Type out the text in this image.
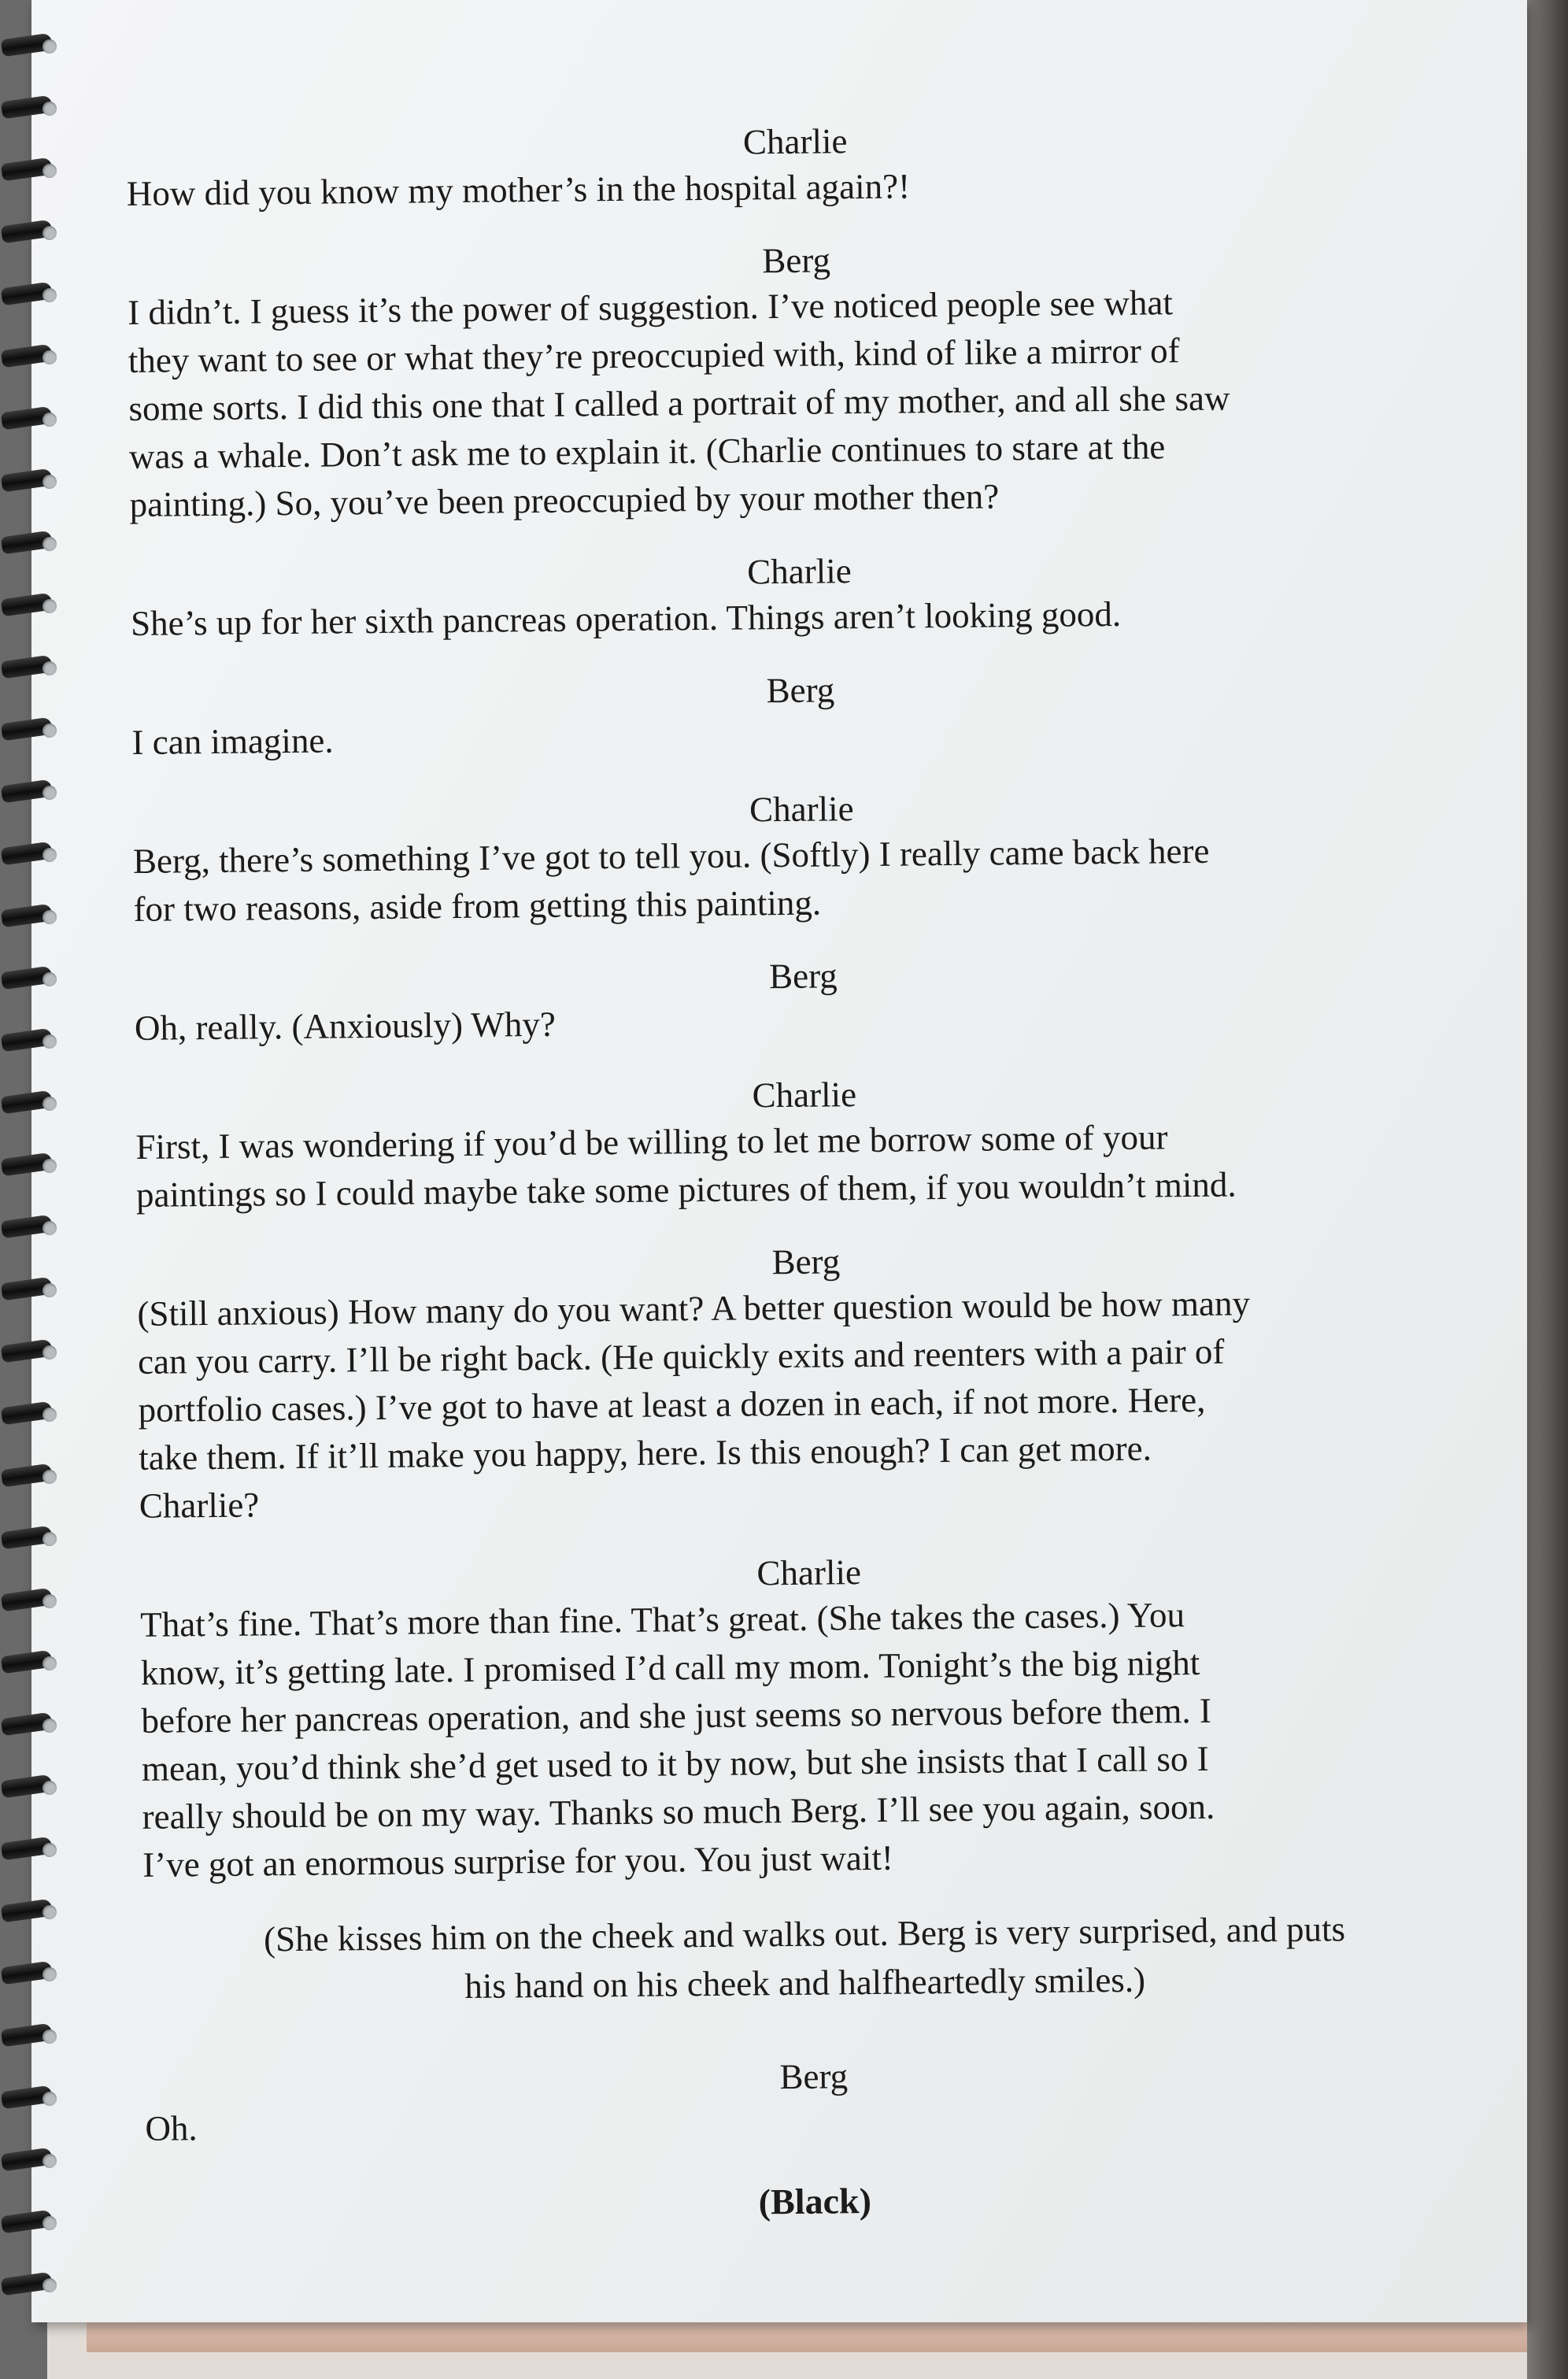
Charlie

How did you know my mother’s in the hospital again?!

Berg

I didn’t. I guess it’s the power of suggestion. I’ve noticed people see what
they want to see or what they’re preoccupied with, kind of like a mirror of
some sorts. I did this one that I called a portrait of my mother, and all she saw
was a whale. Don’t ask me to explain it. (Charlie continues to stare at the
painting.) So, you’ve been preoccupied by your mother then?

Charlie

She’s up for her sixth pancreas operation. Things aren’t looking good.

Berg

I can imagine.

Charlie

Berg, there’s something I’ve got to tell you. (Softly) I really came back here
for two reasons, aside from getting this painting.

Berg

Oh, really. (Anxiously) Why?

Charlie

First, I was wondering if you’d be willing to let me borrow some of your
paintings so I could maybe take some pictures of them, if you wouldn’t mind.

Berg

(Still anxious) How many do you want? A better question would be how many
can you carry. I’ll be right back. (He quickly exits and reenters with a pair of
portfolio cases.) I’ve got to have at least a dozen in each, if not more. Here,
take them. If it’ll make you happy, here. Is this enough? I can get more.
Charlie?

Charlie

That’s fine. That’s more than fine. That’s great. (She takes the cases.) You
know, it’s getting late. I promised I’d call my mom. Tonight’s the big night
before her pancreas operation, and she just seems so nervous before them. I
mean, you’d think she’d get used to it by now, but she insists that I call so I
really should be on my way. Thanks so much Berg. I’ll see you again, soon.
I’ve got an enormous surprise for you. You just wait!

(She kisses him on the cheek and walks out. Berg is very surprised, and puts
his hand on his cheek and halfheartedly smiles.)

Berg

Oh.

(Black)
